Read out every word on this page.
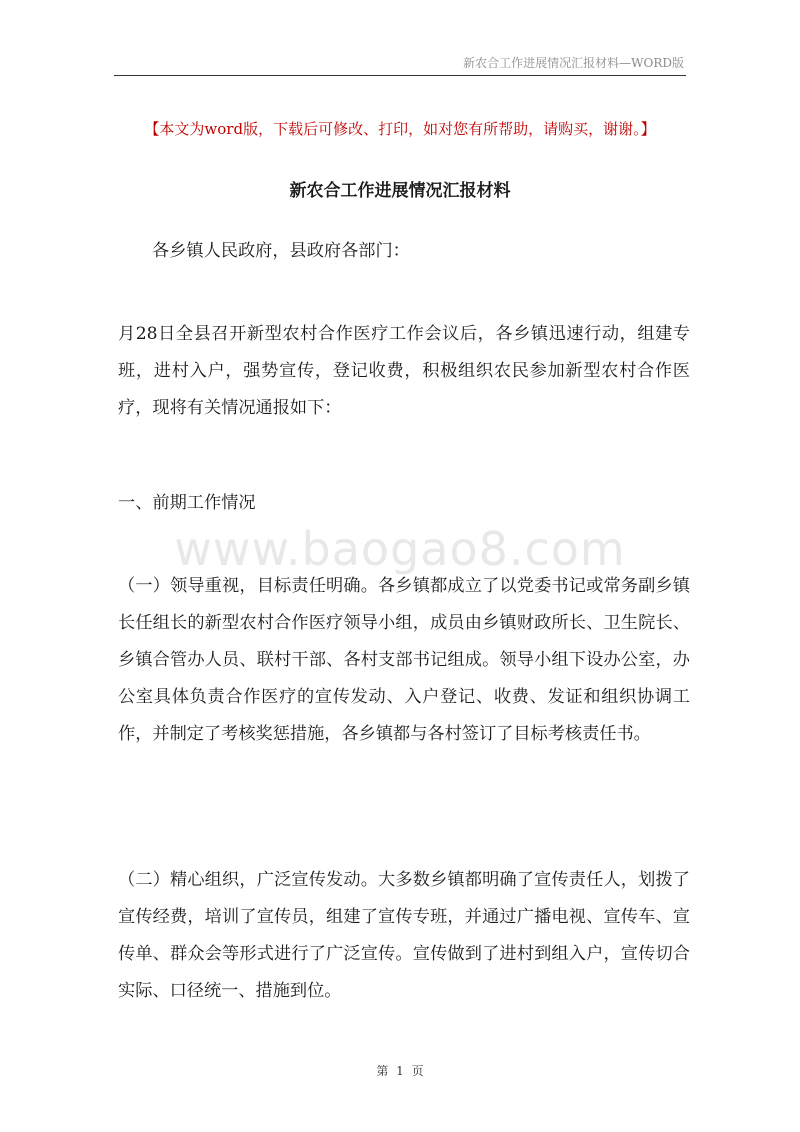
新农合工作进展情况汇报材料—WORD版
【本文为word版，下载后可修改、打印，如对您有所帮助，请购买，谢谢。】
新农合工作进展情况汇报材料
各乡镇人民政府，县政府各部门：
月28日全县召开新型农村合作医疗工作会议后，各乡镇迅速行动，组建专班，进村入户，强势宣传，登记收费，积极组织农民参加新型农村合作医疗，现将有关情况通报如下：
一、前期工作情况
www.baogao8.com
（一）领导重视，目标责任明确。各乡镇都成立了以党委书记或常务副乡镇长任组长的新型农村合作医疗领导小组，成员由乡镇财政所长、卫生院长、乡镇合管办人员、联村干部、各村支部书记组成。领导小组下设办公室，办公室具体负责合作医疗的宣传发动、入户登记、收费、发证和组织协调工作，并制定了考核奖惩措施，各乡镇都与各村签订了目标考核责任书。
（二）精心组织，广泛宣传发动。大多数乡镇都明确了宣传责任人，划拨了宣传经费，培训了宣传员，组建了宣传专班，并通过广播电视、宣传车、宣传单、群众会等形式进行了广泛宣传。宣传做到了进村到组入户，宣传切合实际、口径统一、措施到位。
第 1 页
